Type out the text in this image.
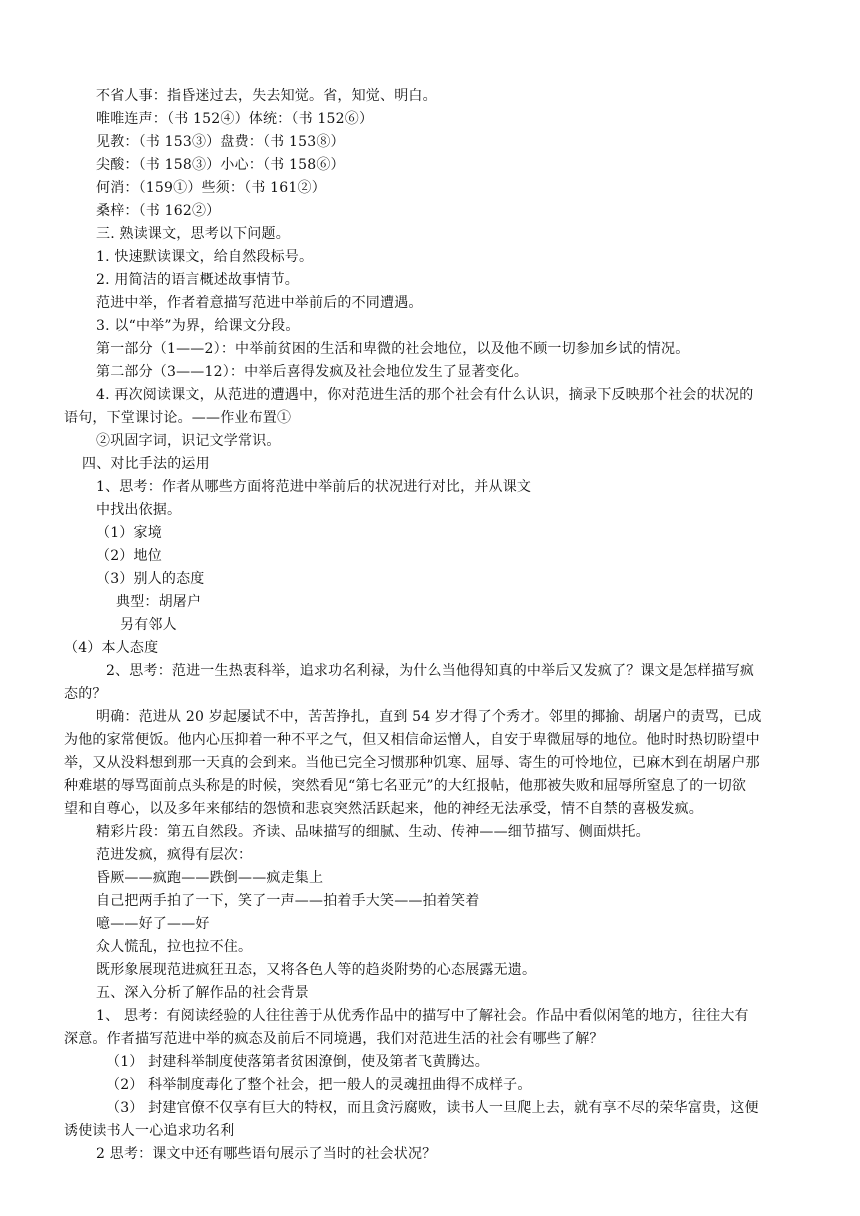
不省人事：指昏迷过去，失去知觉。省，知觉、明白。
唯唯连声：（书 152④）体统：（书 152⑥）
见教：（书 153③）盘费：（书 153⑧）
尖酸：（书 158③）小心：（书 158⑥）
何消：（159①）些须：（书 161②）
桑梓：（书 162②）
三. 熟读课文，思考以下问题。
1. 快速默读课文，给自然段标号。
2. 用简洁的语言概述故事情节。
范进中举，作者着意描写范进中举前后的不同遭遇。
3. 以“中举”为界，给课文分段。
第一部分（1——2）：中举前贫困的生活和卑微的社会地位，以及他不顾一切参加乡试的情况。
第二部分（3——12）：中举后喜得发疯及社会地位发生了显著变化。
4. 再次阅读课文，从范进的遭遇中，你对范进生活的那个社会有什么认识，摘录下反映那个社会的状况的
语句，下堂课讨论。——作业布置①
②巩固字词，识记文学常识。
四、对比手法的运用
1、思考：作者从哪些方面将范进中举前后的状况进行对比，并从课文
中找出依据。
（1）家境
（2）地位
（3）别人的态度
典型：胡屠户
另有邻人
（4）本人态度
2、思考：范进一生热衷科举，追求功名利禄，为什么当他得知真的中举后又发疯了？课文是怎样描写疯
态的？
明确：范进从 20 岁起屡试不中，苦苦挣扎，直到 54 岁才得了个秀才。邻里的揶揄、胡屠户的责骂，已成
为他的家常便饭。他内心压抑着一种不平之气，但又相信命运憎人，自安于卑微屈辱的地位。他时时热切盼望中
举，又从没料想到那一天真的会到来。当他已完全习惯那种饥寒、屈辱、寄生的可怜地位，已麻木到在胡屠户那
种难堪的辱骂面前点头称是的时候，突然看见“第七名亚元”的大红报帖，他那被失败和屈辱所窒息了的一切欲
望和自尊心，以及多年来郁结的怨愤和悲哀突然活跃起来，他的神经无法承受，情不自禁的喜极发疯。
精彩片段：第五自然段。齐读、品味描写的细腻、生动、传神——细节描写、侧面烘托。
范进发疯，疯得有层次：
昏厥——疯跑——跌倒——疯走集上
自己把两手拍了一下，笑了一声——拍着手大笑——拍着笑着
噫——好了——好
众人慌乱，拉也拉不住。
既形象展现范进疯狂丑态，又将各色人等的趋炎附势的心态展露无遗。
五、深入分析了解作品的社会背景
1、 思考：有阅读经验的人往往善于从优秀作品中的描写中了解社会。作品中看似闲笔的地方，往往大有
深意。作者描写范进中举的疯态及前后不同境遇，我们对范进生活的社会有哪些了解？
（1） 封建科举制度使落第者贫困潦倒，使及第者飞黄腾达。
（2） 科举制度毒化了整个社会，把一般人的灵魂扭曲得不成样子。
（3） 封建官僚不仅享有巨大的特权，而且贪污腐败，读书人一旦爬上去，就有享不尽的荣华富贵，这便
诱使读书人一心追求功名利
2 思考：课文中还有哪些语句展示了当时的社会状况？
